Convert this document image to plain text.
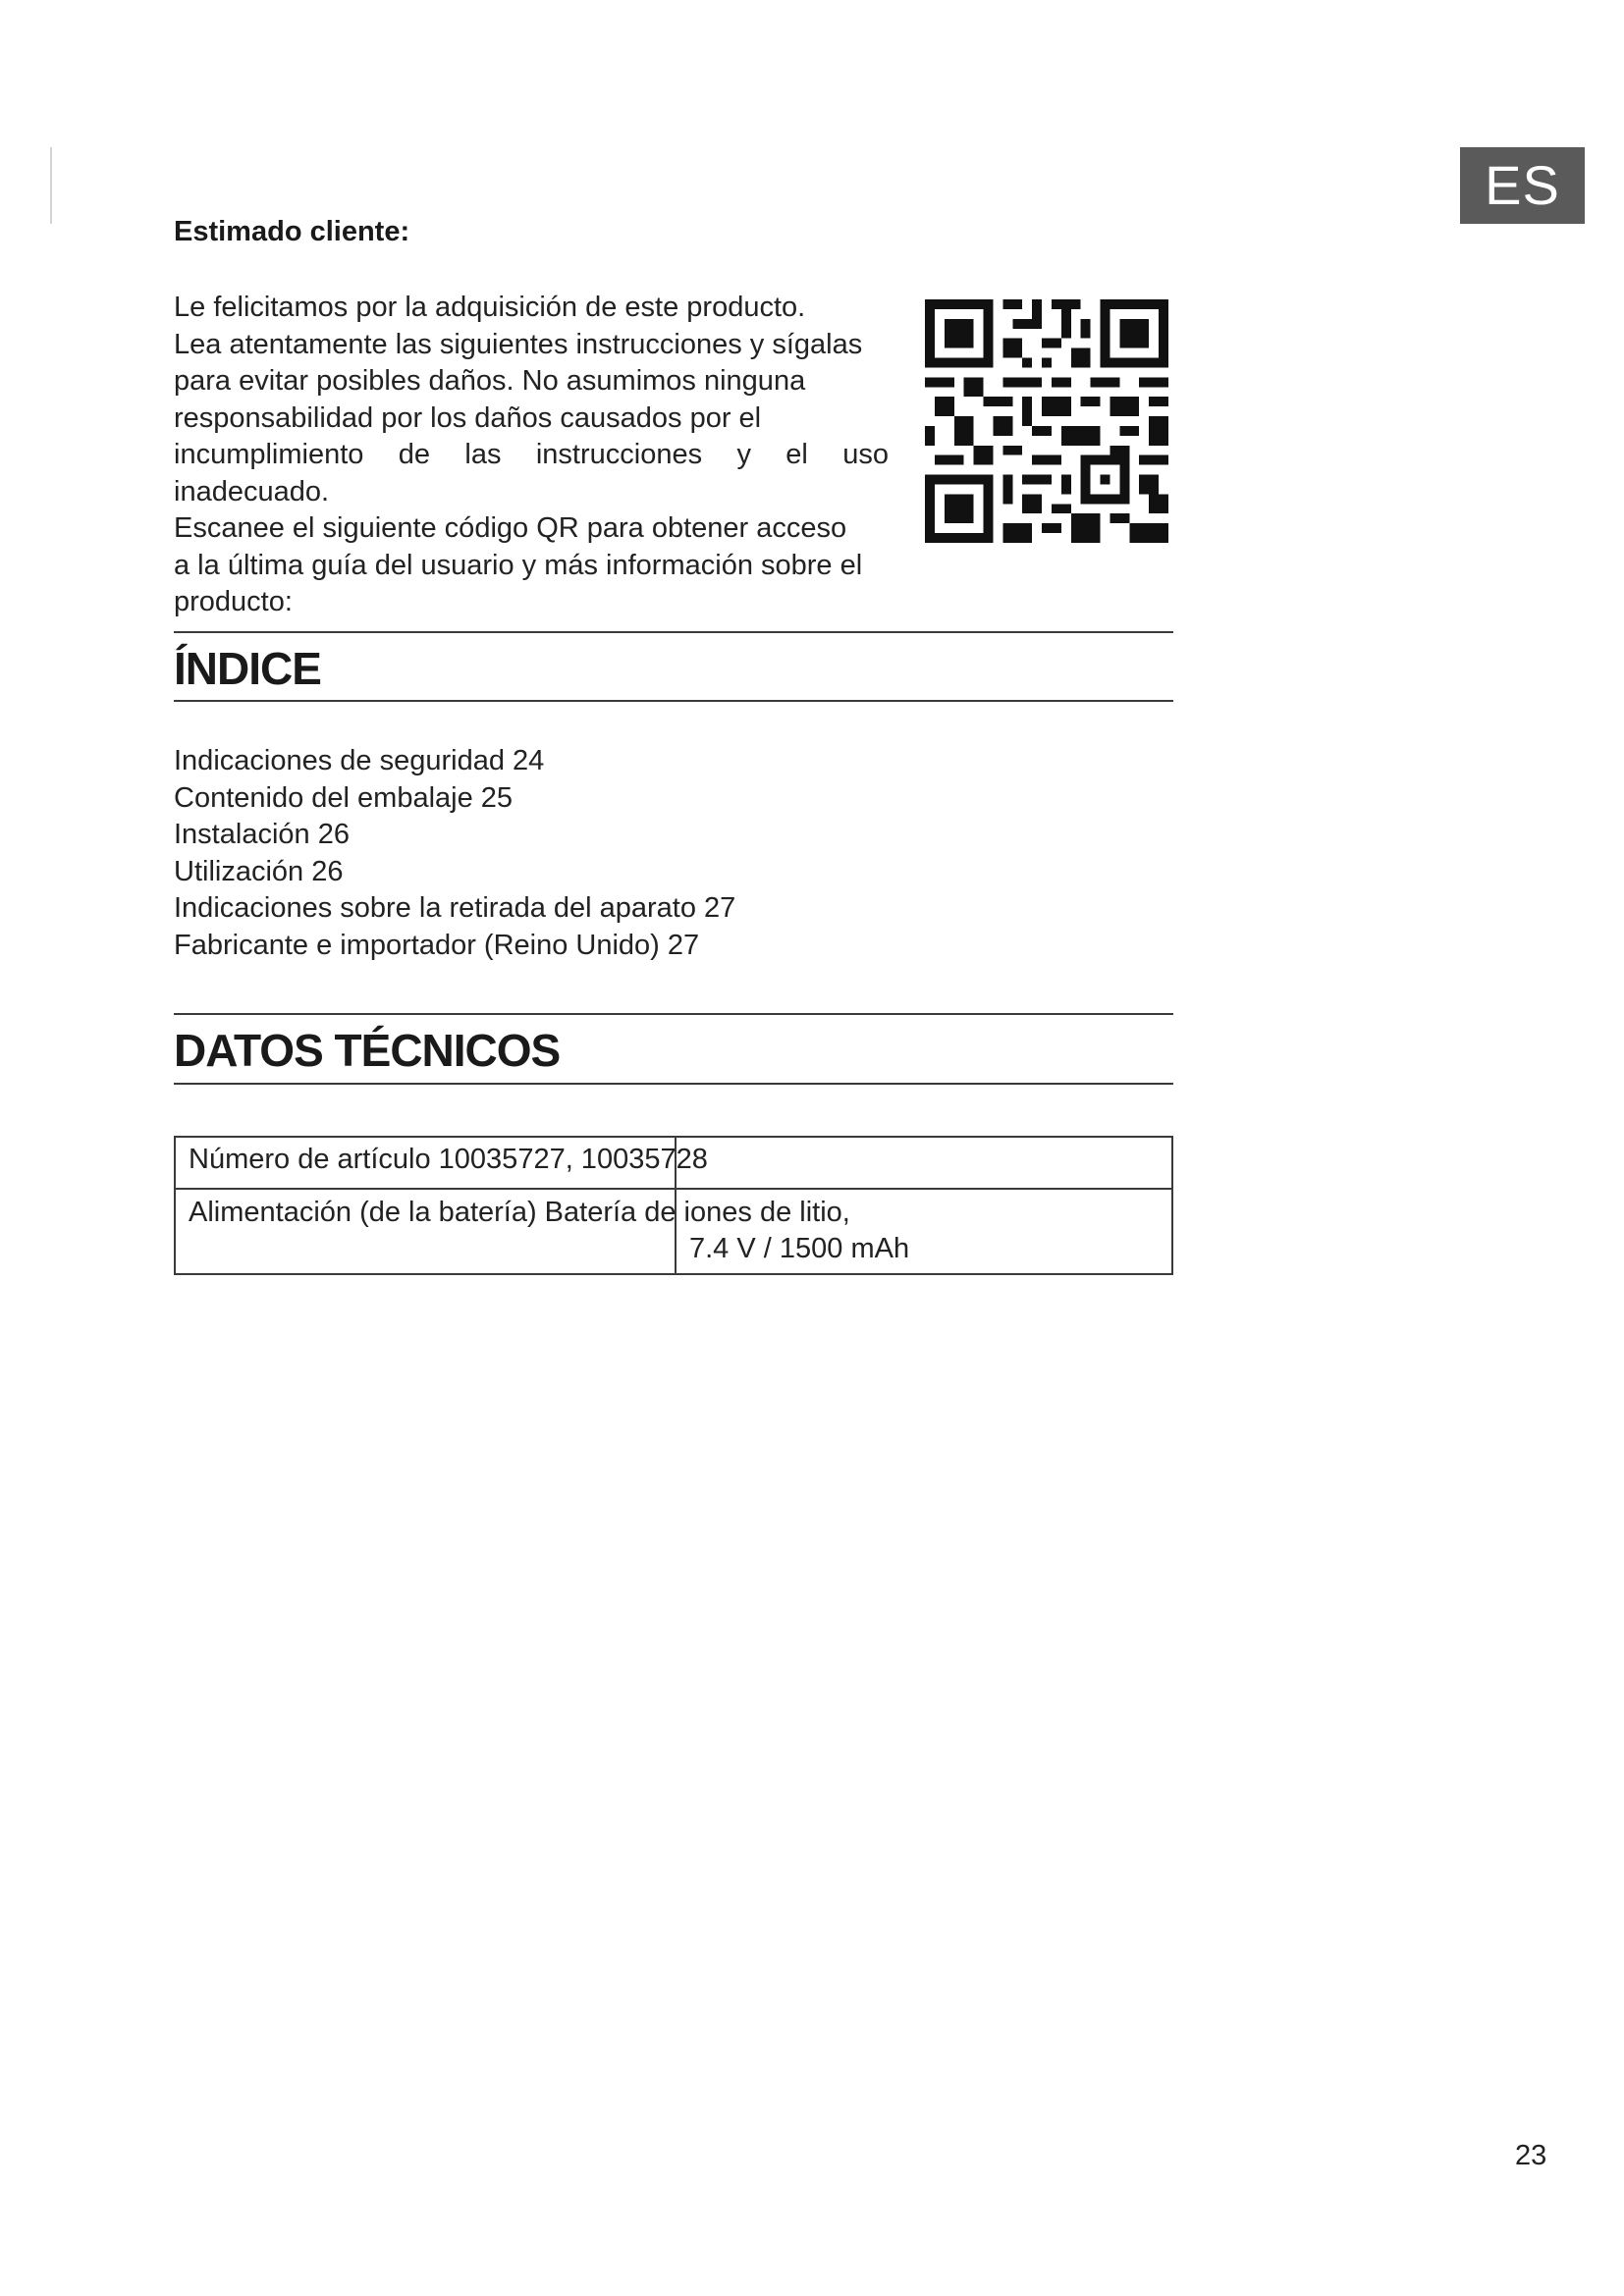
ES
Estimado cliente:
Le felicitamos por la adquisición de este producto.
Lea atentamente las siguientes instrucciones y sígalas
para evitar posibles daños. No asumimos ninguna
responsabilidad por los daños causados por el
incumplimiento de las instrucciones y el uso inadecuado.
Escanee el siguiente código QR para obtener acceso
a la última guía del usuario y más información sobre el
producto:
ÍNDICE
Indicaciones de seguridad 24
Contenido del embalaje 25
Instalación 26
Utilización 26
Indicaciones sobre la retirada del aparato 27
Fabricante e importador (Reino Unido) 27
DATOS TÉCNICOS
Número de artículo 10035727, 10035728
Alimentación (de la batería) Batería de iones de litio,
7.4 V / 1500 mAh
23
